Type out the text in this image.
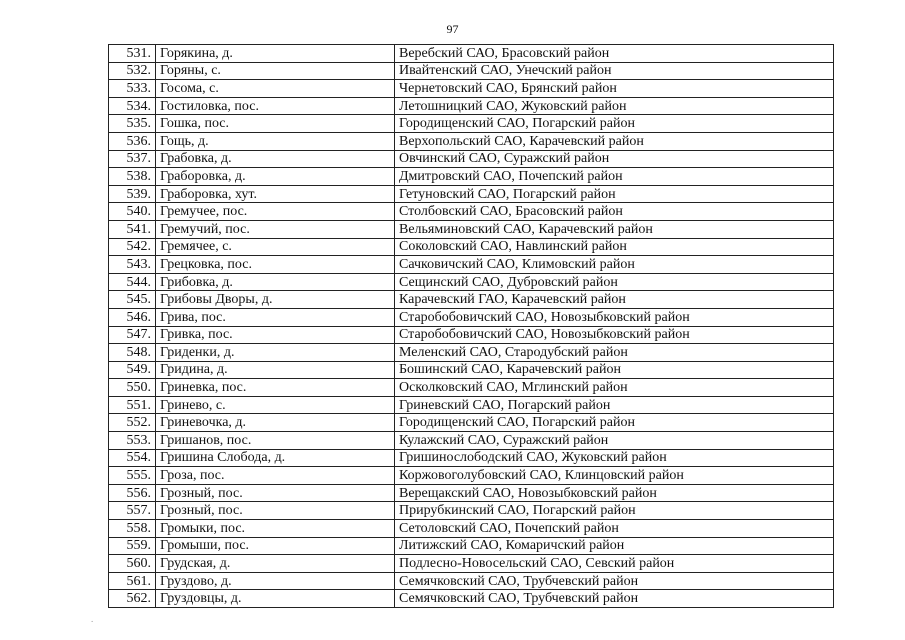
97
531.	Горякина, д.	Веребский САО, Брасовский район
532.	Горяны, с.	Ивайтенский САО, Унечский район
533.	Госома, с.	Чернетовский САО, Брянский район
534.	Гостиловка, пос.	Летошницкий САО, Жуковский район
535.	Гошка, пос.	Городищенский САО, Погарский район
536.	Гощь, д.	Верхопольский САО, Карачевский район
537.	Грабовка, д.	Овчинский САО, Суражский район
538.	Граборовка, д.	Дмитровский САО, Почепский район
539.	Граборовка, хут.	Гетуновский САО, Погарский район
540.	Гремучее, пос.	Столбовский САО, Брасовский район
541.	Гремучий, пос.	Вельяминовский САО, Карачевский район
542.	Гремячее, с.	Соколовский САО, Навлинский район
543.	Грецковка, пос.	Сачковичский САО, Климовский район
544.	Грибовка, д.	Сещинский САО, Дубровский район
545.	Грибовы Дворы, д.	Карачевский ГАО, Карачевский район
546.	Грива, пос.	Старобобовичский САО, Новозыбковский район
547.	Гривка, пос.	Старобобовичский САО, Новозыбковский район
548.	Гриденки, д.	Меленский САО, Стародубский район
549.	Гридина, д.	Бошинский САО, Карачевский район
550.	Гриневка, пос.	Осколковский САО, Мглинский район
551.	Гринево, с.	Гриневский САО, Погарский район
552.	Гриневочка, д.	Городищенский САО, Погарский район
553.	Гришанов, пос.	Кулажский САО, Суражский район
554.	Гришина Слобода, д.	Гришинослободский САО, Жуковский район
555.	Гроза, пос.	Коржовоголубовский САО, Клинцовский район
556.	Грозный, пос.	Верещакский САО, Новозыбковский район
557.	Грозный, пос.	Прирубкинский САО, Погарский район
558.	Громыки, пос.	Сетоловский САО, Почепский район
559.	Громыши, пос.	Литижский САО, Комаричский район
560.	Грудская, д.	Подлесно-Новосельский САО, Севский район
561.	Груздово, д.	Семячковский САО, Трубчевский район
562.	Груздовцы, д.	Семячковский САО, Трубчевский район
.
